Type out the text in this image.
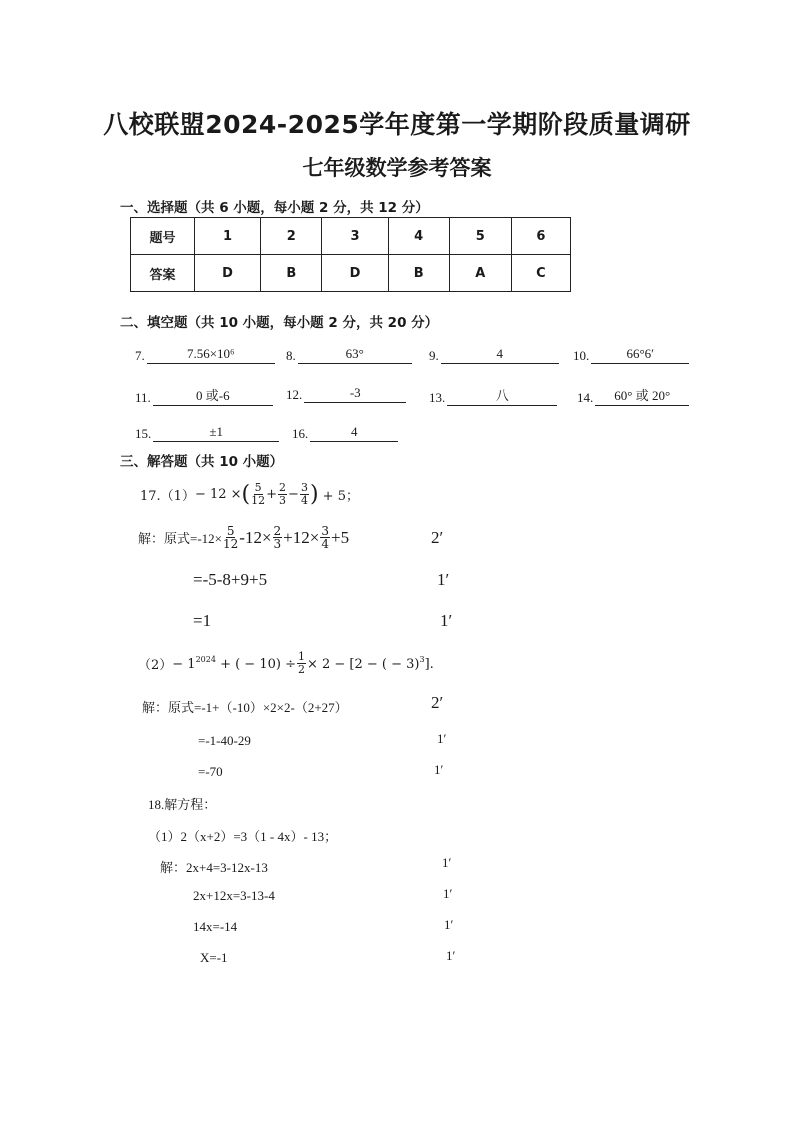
八校联盟2024-2025学年度第一学期阶段质量调研
七年级数学参考答案
一、选择题（共 6 小题，每小题 2 分，共 12 分）
题号	1	2	3	4	5	6
答案	D	B	D	B	A	C
二、填空题（共 10 小题，每小题 2 分，共 20 分）
7.	7.56×10⁶	8.	63°	9.	4	10.	66°6′
11.	0 或-6	12.	-3	13.	八	14.	60° 或 20°
15.	±1	16.	4
三、解答题（共 10 小题）
17.（1） − 12 × ( $\frac{5}{12} + \frac{2}{3} - \frac{3}{4}$ ) + 5；
解：原式$=-12\times \frac{5}{12} -12\times \frac{2}{3} +12\times \frac{3}{4} +5$	2′
=-5-8+9+5	1′
=1	1′
$(2) - 1^{2024}$ + ( − $10) \div \frac{1}{2} \times 2 - [2$ − ( − 3)$^3$].
解：原式=-1+（-10）×2×2-（2+27）	2′
=-1-40-29	1′
=-70	1′
18.解方程：
（1）2（x+2）=3（1 - 4x）- 13；
解：2x+4=3-12x-13	1′
2x+12x=3-13-4	1′
14x=-14	1′
X=-1	1′
